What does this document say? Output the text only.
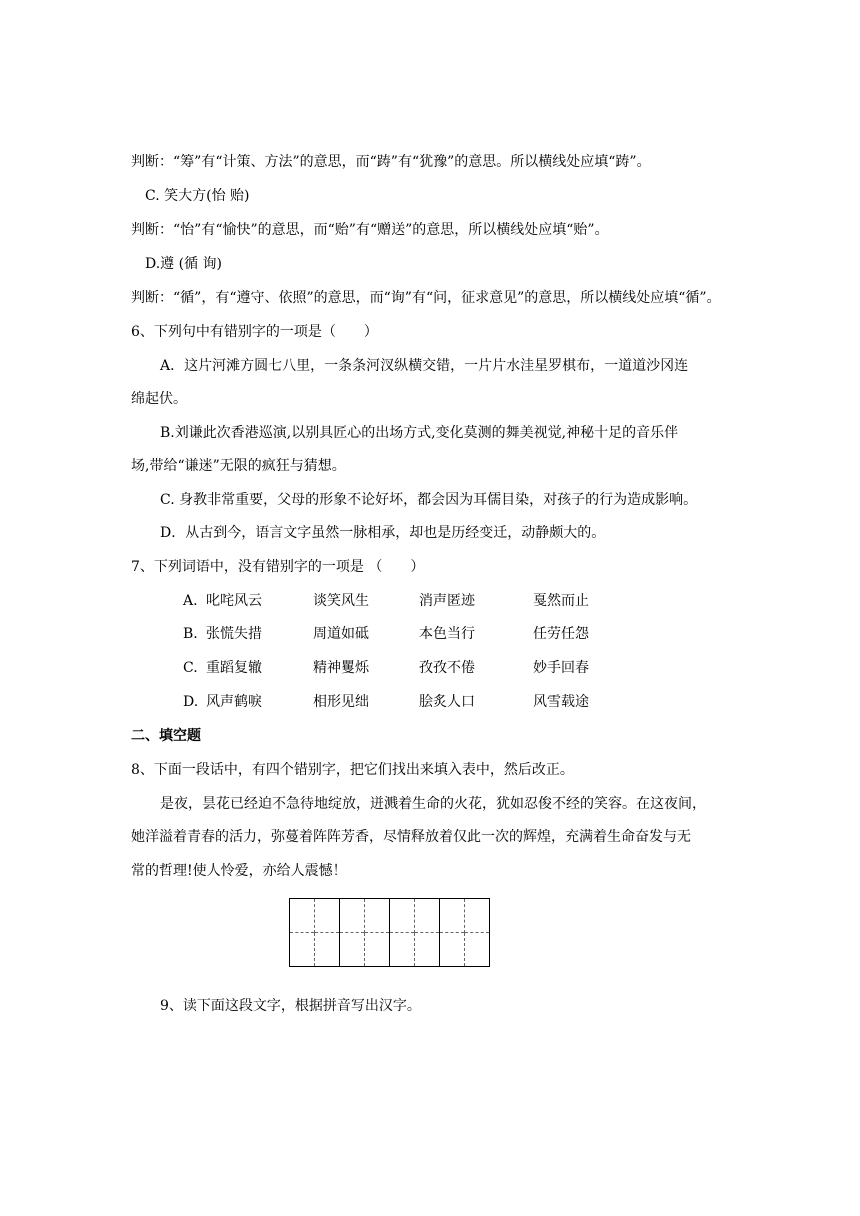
判断：“筹”有“计策、方法”的意思，而“踌”有“犹豫”的意思。所以横线处应填“踌”。
C. 笑大方(怡 贻)
判断：“怡”有“愉快”的意思，而“贻”有“赠送”的意思，所以横线处应填“贻”。
D.遵 (循 询)
判断：“循”，有“遵守、依照”的意思，而“询”有“问，征求意见”的意思，所以横线处应填“循”。
6、下列句中有错别字的一项是（　　）
A．这片河滩方圆七八里，一条条河汊纵横交错，一片片水洼星罗棋布，一道道沙冈连
绵起伏。
B.刘谦此次香港巡演,以别具匠心的出场方式,变化莫测的舞美视觉,神秘十足的音乐伴
场,带给“谦迷”无限的疯狂与猜想。
C. 身教非常重要，父母的形象不论好坏，都会因为耳儒目染，对孩子的行为造成影响。
D．从古到今，语言文字虽然一脉相承，却也是历经变迁，动静颇大的。
7、下列词语中，没有错别字的一项是 （　　）
A. 叱咤风云	谈笑风生	消声匿迹	戛然而止
B. 张慌失措	周道如砥	本色当行	任劳任怨
C. 重蹈复辙	精神矍烁	孜孜不倦	妙手回春
D. 风声鹤唳	相形见绌	脍炙人口	风雪载途
二、填空题
8、下面一段话中，有四个错别字，把它们找出来填入表中，然后改正。
是夜，昙花已经迫不急待地绽放，迸溅着生命的火花，犹如忍俊不经的笑容。在这夜间，
她洋溢着青春的活力，弥蔓着阵阵芳香，尽情释放着仅此一次的辉煌，充满着生命奋发与无
常的哲理!使人怜爱，亦给人震憾！

9、读下面这段文字，根据拼音写出汉字。
